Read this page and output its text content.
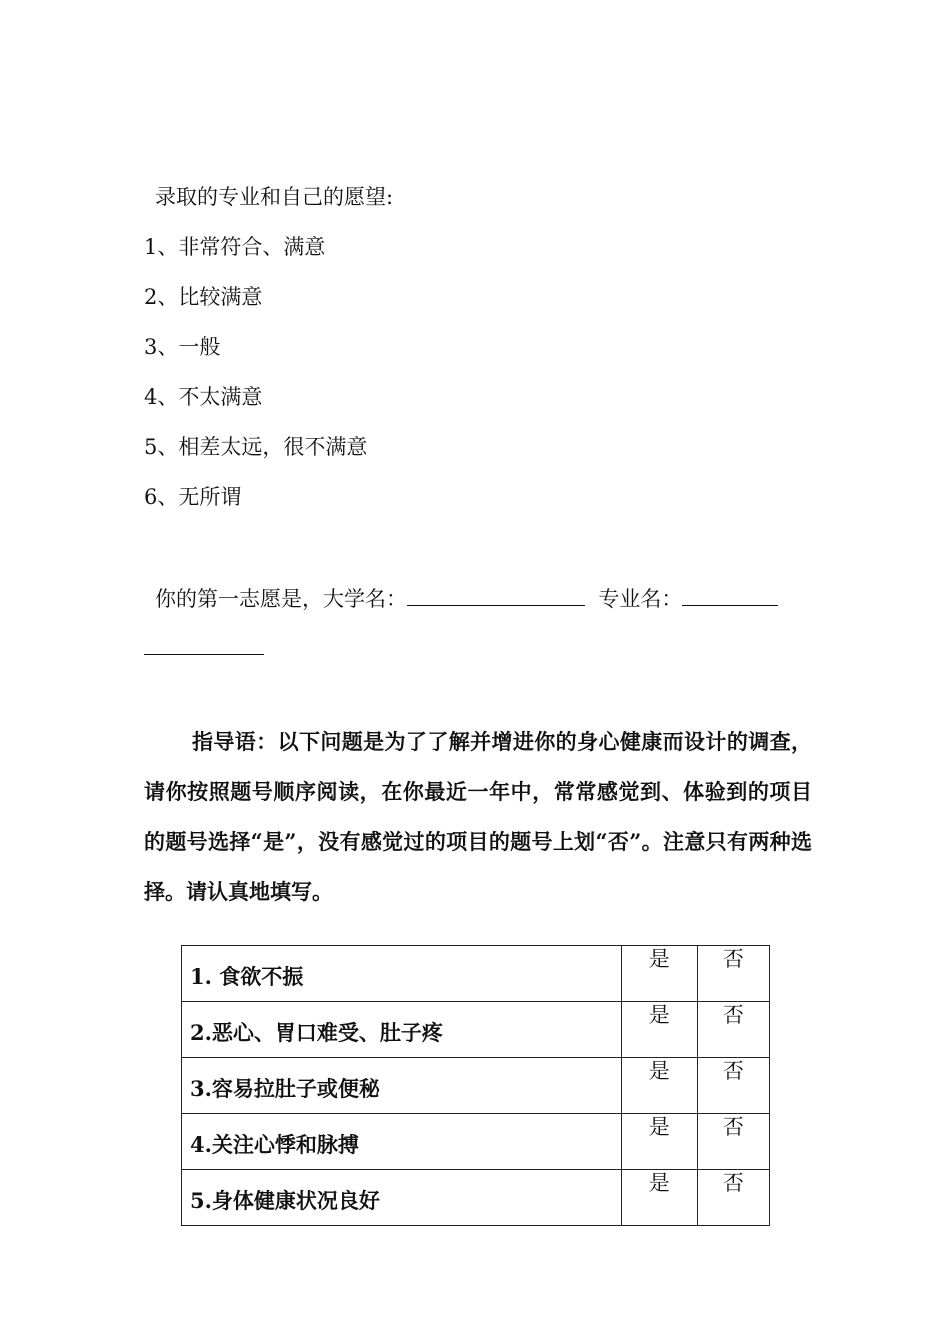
录取的专业和自己的愿望:
1、非常符合、满意
2、比较满意
3、一般
4、不太满意
5、相差太远，很不满意
6、无所谓
你的第一志愿是，大学名：	专业名：

指导语：以下问题是为了了解并增进你的身心健康而设计的调查，请你按照题号顺序阅读，在你最近一年中，常常感觉到、体验到的项目的题号选择“是”，没有感觉过的项目的题号上划“否”。注意只有两种选择。请认真地填写。

1. 食欲不振	是	否
2.恶心、胃口难受、肚子疼	是	否
3.容易拉肚子或便秘	是	否
4.关注心悸和脉搏	是	否
5.身体健康状况良好	是	否
